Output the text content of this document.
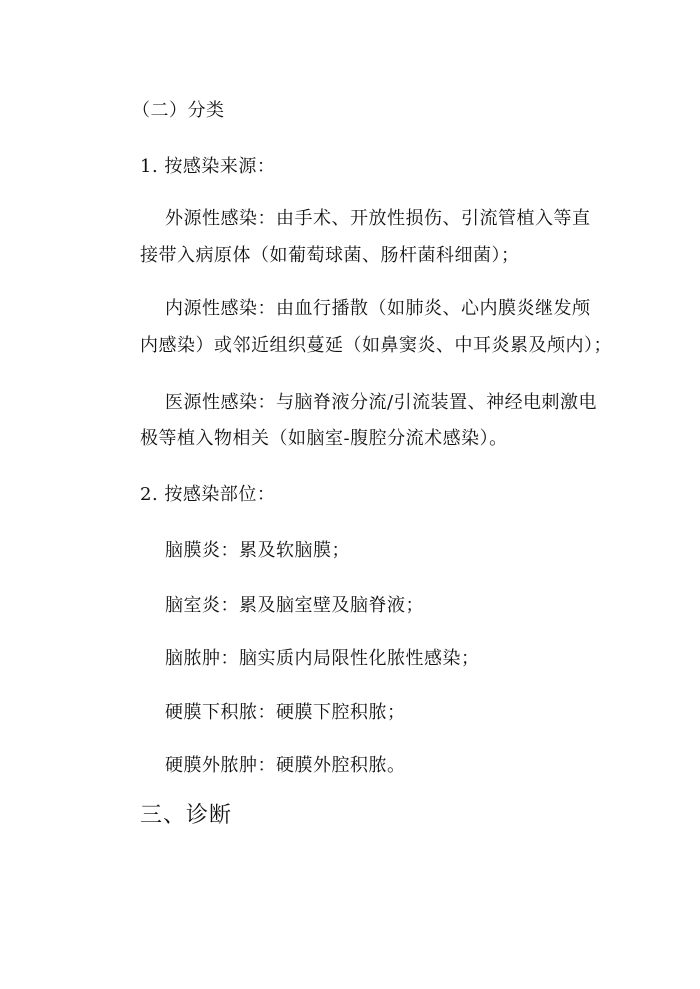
（二）分类
1. 按感染来源：
外源性感染：由手术、开放性损伤、引流管植入等直
接带入病原体（如葡萄球菌、肠杆菌科细菌）；
内源性感染：由血行播散（如肺炎、心内膜炎继发颅
内感染）或邻近组织蔓延（如鼻窦炎、中耳炎累及颅内）；
医源性感染：与脑脊液分流/引流装置、神经电刺激电
极等植入物相关（如脑室-腹腔分流术感染）。
2. 按感染部位：
脑膜炎：累及软脑膜；
脑室炎：累及脑室壁及脑脊液；
脑脓肿：脑实质内局限性化脓性感染；
硬膜下积脓：硬膜下腔积脓；
硬膜外脓肿：硬膜外腔积脓。
三、诊断
